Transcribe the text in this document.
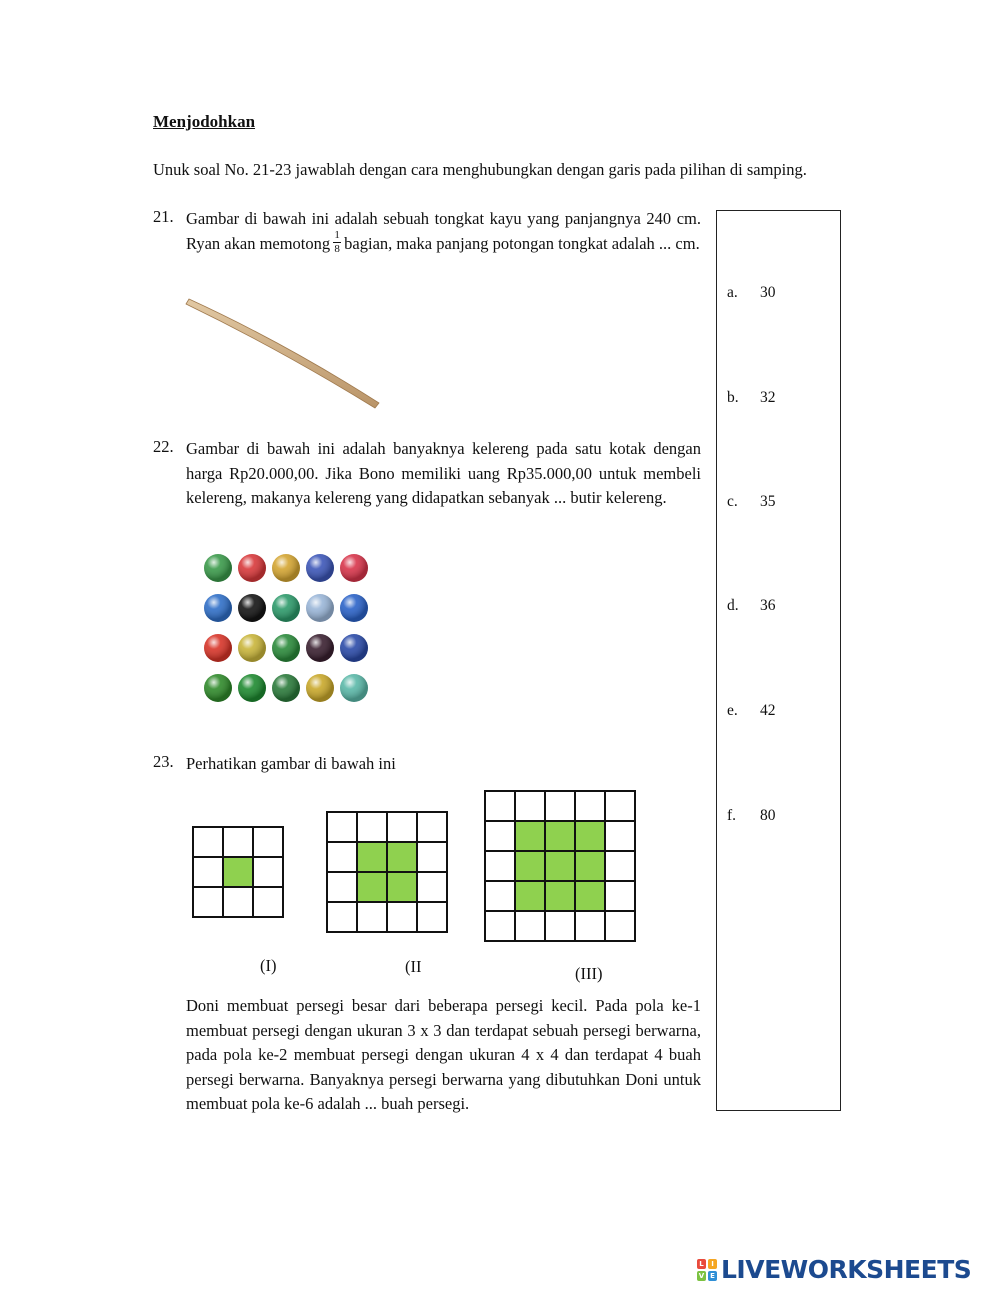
Menjodohkan
Unuk soal No. 21-23 jawablah dengan cara menghubungkan dengan garis pada pilihan di samping.
21. Gambar di bawah ini adalah sebuah tongkat kayu yang panjangnya 240 cm. Ryan akan memotong $\frac{1}{8}$ bagian, maka panjang potongan tongkat adalah ... cm.
22. Gambar di bawah ini adalah banyaknya kelereng pada satu kotak dengan harga Rp20.000,00. Jika Bono memiliki uang Rp35.000,00 untuk membeli kelereng, makanya kelereng yang didapatkan sebanyak ... butir kelereng.
23. Perhatikan gambar di bawah ini
(I)	(II	(III)
Doni membuat persegi besar dari beberapa persegi kecil. Pada pola ke-1 membuat persegi dengan ukuran 3 x 3 dan terdapat sebuah persegi berwarna, pada pola ke-2 membuat persegi dengan ukuran 4 x 4 dan terdapat 4 buah persegi berwarna. Banyaknya persegi berwarna yang dibutuhkan Doni untuk membuat pola ke-6 adalah ... buah persegi.
a. 30
b. 32
c. 35
d. 36
e. 42
f. 80
L	I
V E LIVEWORKSHEETS
